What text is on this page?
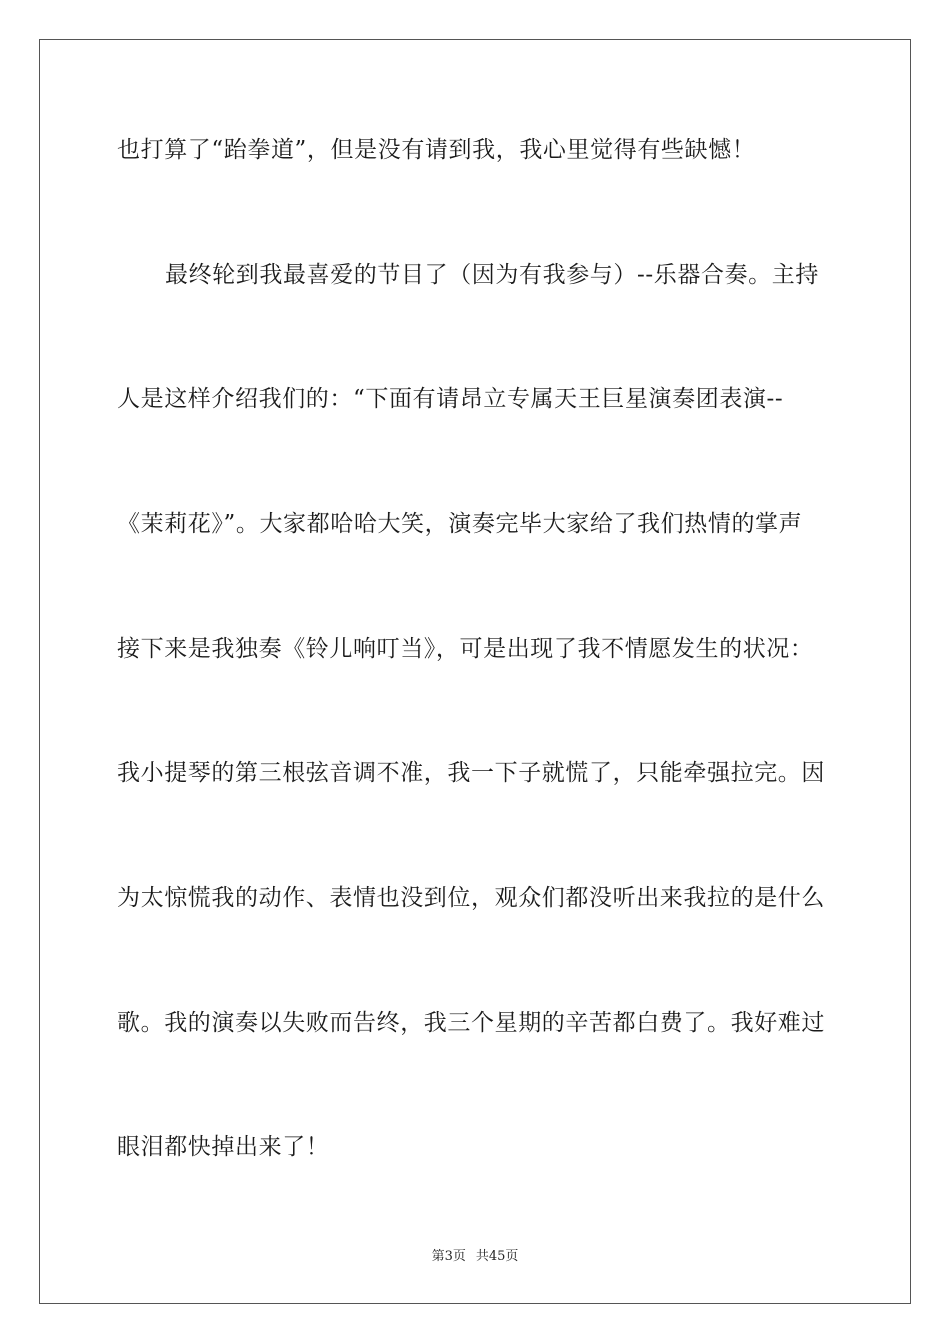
也打算了“跆拳道”，但是没有请到我，我心里觉得有些缺憾！
最终轮到我最喜爱的节目了（因为有我参与）--乐器合奏。主持
人是这样介绍我们的：“下面有请昂立专属天王巨星演奏团表演--
《茉莉花》”。大家都哈哈大笑，演奏完毕大家给了我们热情的掌声
接下来是我独奏《铃儿响叮当》，可是出现了我不情愿发生的状况：
我小提琴的第三根弦音调不准，我一下子就慌了，只能牵强拉完。因
为太惊慌我的动作、表情也没到位，观众们都没听出来我拉的是什么
歌。我的演奏以失败而告终，我三个星期的辛苦都白费了。我好难过
眼泪都快掉出来了！
第3页 共45页
